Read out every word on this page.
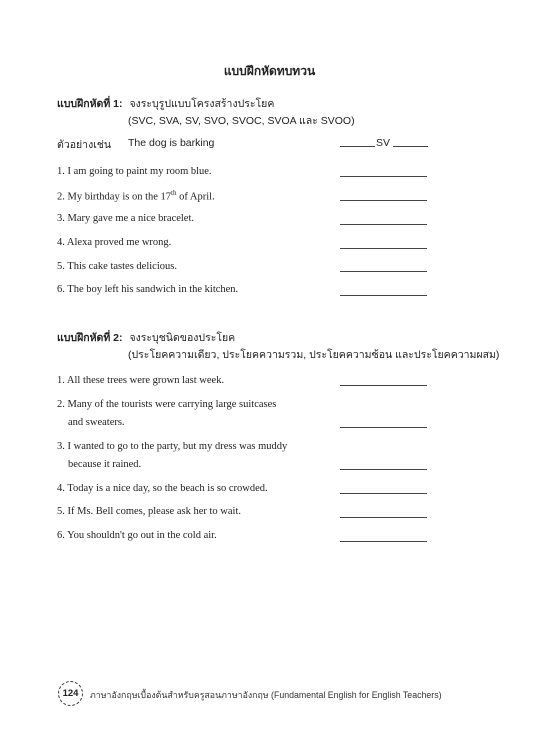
แบบฝึกหัดทบทวน
แบบฝึกหัดที่ 1: จงระบุรูปแบบโครงสร้างประโยค
(SVC, SVA, SV, SVO, SVOC, SVOA และ SVOO)
ตัวอย่างเช่น The dog is barking	SV
1. I am going to paint my room blue.
2. My birthday is on the 17th of April.
3. Mary gave me a nice bracelet.
4. Alexa proved me wrong.
5. This cake tastes delicious.
6. The boy left his sandwich in the kitchen.
แบบฝึกหัดที่ 2: จงระบุชนิดของประโยค
(ประโยคความเดียว, ประโยคความรวม, ประโยคความซ้อน และประโยคความผสม)
1. All these trees were grown last week.
2. Many of the tourists were carrying large suitcases
and sweaters.
3. I wanted to go to the party, but my dress was muddy
because it rained.
4. Today is a nice day, so the beach is so crowded.
5. If Ms. Bell comes, please ask her to wait.
6. You shouldn't go out in the cold air.
124	ภาษาอังกฤษเบื้องต้นสำหรับครูสอนภาษาอังกฤษ (Fundamental English for English Teachers)
